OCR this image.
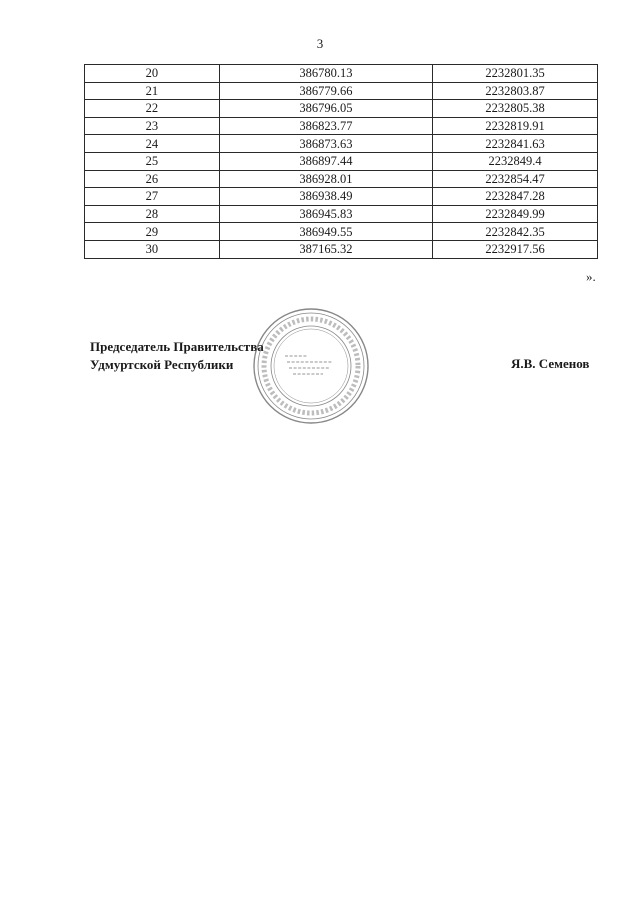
3
20	386780.13	2232801.35
21	386779.66	2232803.87
22	386796.05	2232805.38
23	386823.77	2232819.91
24	386873.63	2232841.63
25	386897.44	2232849.4
26	386928.01	2232854.47
27	386938.49	2232847.28
28	386945.83	2232849.99
29	386949.55	2232842.35
30	387165.32	2232917.56
».
Председатель Правительства
Удмуртской Республики	Я.В. Семенов
